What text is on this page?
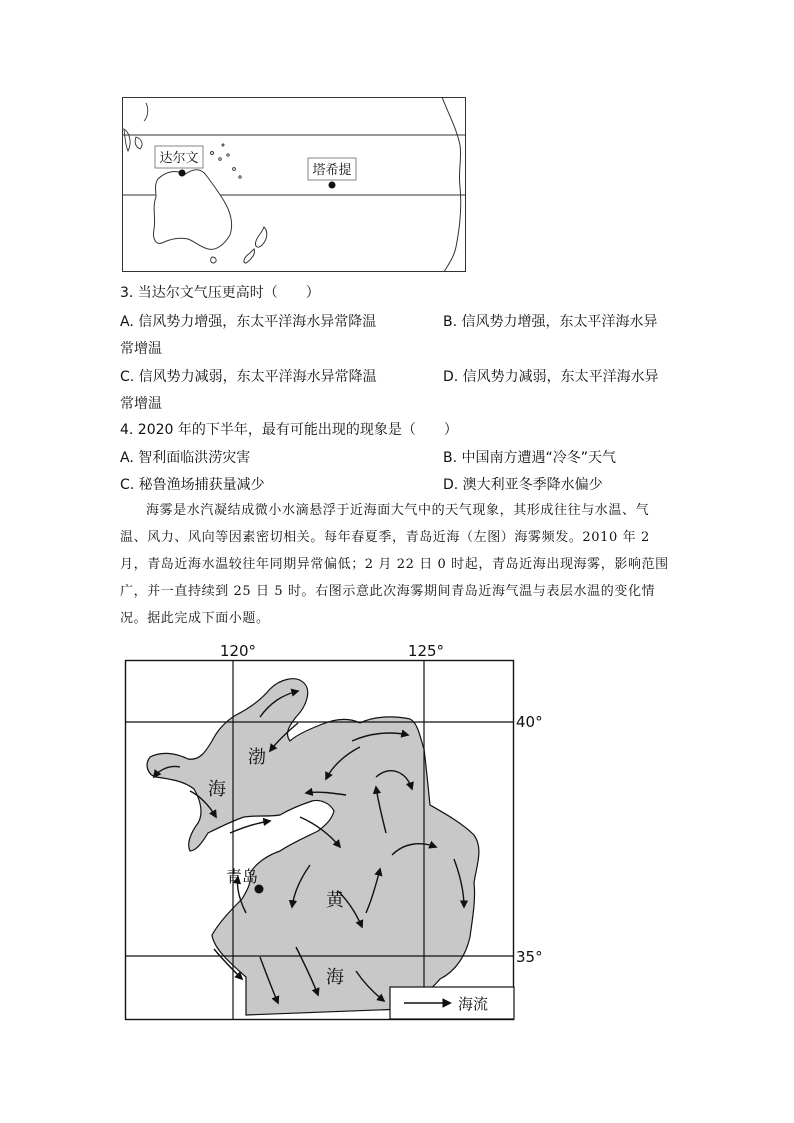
达尔文
塔希提
3. 当达尔文气压更高时（　　）
A. 信风势力增强，东太平洋海水异常降温	B. 信风势力增强，东太平洋海水异
常增温
C. 信风势力减弱，东太平洋海水异常降温	D. 信风势力减弱，东太平洋海水异
常增温
4. 2020 年的下半年，最有可能出现的现象是（　　）
A. 智利面临洪涝灾害	B. 中国南方遭遇“冷冬”天气
C. 秘鲁渔场捕获量减少	D. 澳大利亚冬季降水偏少
海雾是水汽凝结成微小水滴悬浮于近海面大气中的天气现象，其形成往往与水温、气温、风力、风向等因素密切相关。每年春夏季，青岛近海（左图）海雾频发。2010 年 2 月，青岛近海水温较往年同期异常偏低；2 月 22 日 0 时起，青岛近海出现海雾，影响范围广，并一直持续到 25 日 5 时。右图示意此次海雾期间青岛近海气温与表层水温的变化情况。据此完成下面小题。
120°	125°
40°
35°
渤
海
黄
海
青岛
海流
